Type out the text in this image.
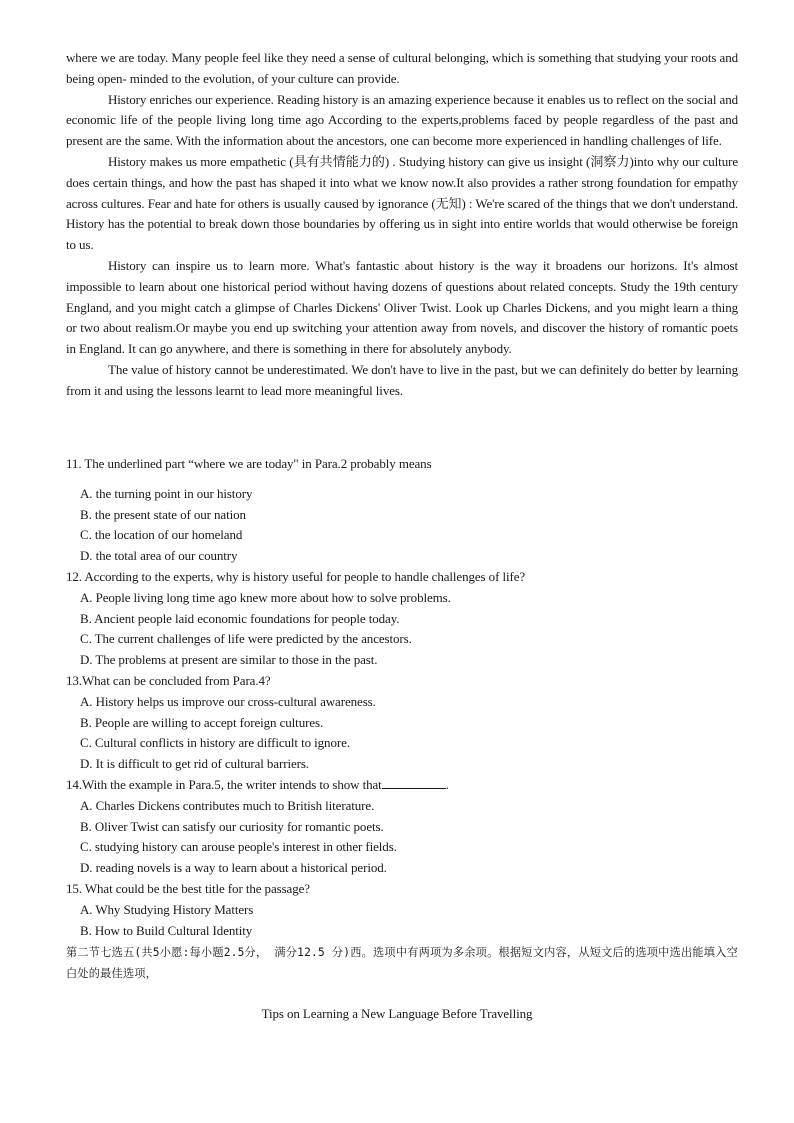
where we are today. Many people feel like they need a sense of cultural belonging, which is something that studying your roots and being open- minded to the evolution, of your culture can provide.

History enriches our experience. Reading history is an amazing experience because it enables us to reflect on the social and economic life of the people living long time ago According to the experts,problems faced by people regardless of the past and present are the same. With the information about the ancestors, one can become more experienced in handling challenges of life.

History makes us more empathetic (具有共情能力的) . Studying history can give us insight (洞察力)into why our culture does certain things, and how the past has shaped it into what we know now.It also provides a rather strong foundation for empathy across cultures. Fear and hate for others is usually caused by ignorance (无知) : We're scared of the things that we don't understand. History has the potential to break down those boundaries by offering us in sight into entire worlds that would otherwise be foreign to us.

History can inspire us to learn more. What's fantastic about history is the way it broadens our horizons. It's almost impossible to learn about one historical period without having dozens of questions about related concepts. Study the 19th century England, and you might catch a glimpse of Charles Dickens' Oliver Twist. Look up Charles Dickens, and you might learn a thing or two about realism.Or maybe you end up switching your attention away from novels, and discover the history of romantic poets in England. It can go anywhere, and there is something in there for absolutely anybody.

The value of history cannot be underestimated. We don't have to live in the past, but we can definitely do better by learning from it and using the lessons learnt to lead more meaningful lives.

11. The underlined part “where we are today" in Para.2 probably means

A. the turning point in our history

B. the present state of our nation

C. the location of our homeland

D. the total area of our country

12. According to the experts, why is history useful for people to handle challenges of life?

A. People living long time ago knew more about how to solve problems.

B. Ancient people laid economic foundations for people today.

C. The current challenges of life were predicted by the ancestors.

D. The problems at present are similar to those in the past.

13.What can be concluded from Para.4?

A. History helps us improve our cross-cultural awareness.

B. People are willing to accept foreign cultures.

C. Cultural conflicts in history are difficult to ignore.

D. It is difficult to get rid of cultural barriers.

14.With the example in Para.5, the writer intends to show that	.

A. Charles Dickens contributes much to British literature.

B. Oliver Twist can satisfy our curiosity for romantic poets.

C. studying history can arouse people's interest in other fields.

D. reading novels is a way to learn about a historical period.

15. What could be the best title for the passage?

A. Why Studying History Matters

B. How to Build Cultural Identity

第二节七选五(共5小愿:每小题2.5分， 满分12.5 分)西。选项中有两项为多余项。根据短文内容，从短文后的选项中选出能填入空白处的最佳选项，
Tips on Learning a New Language Before Travelling
